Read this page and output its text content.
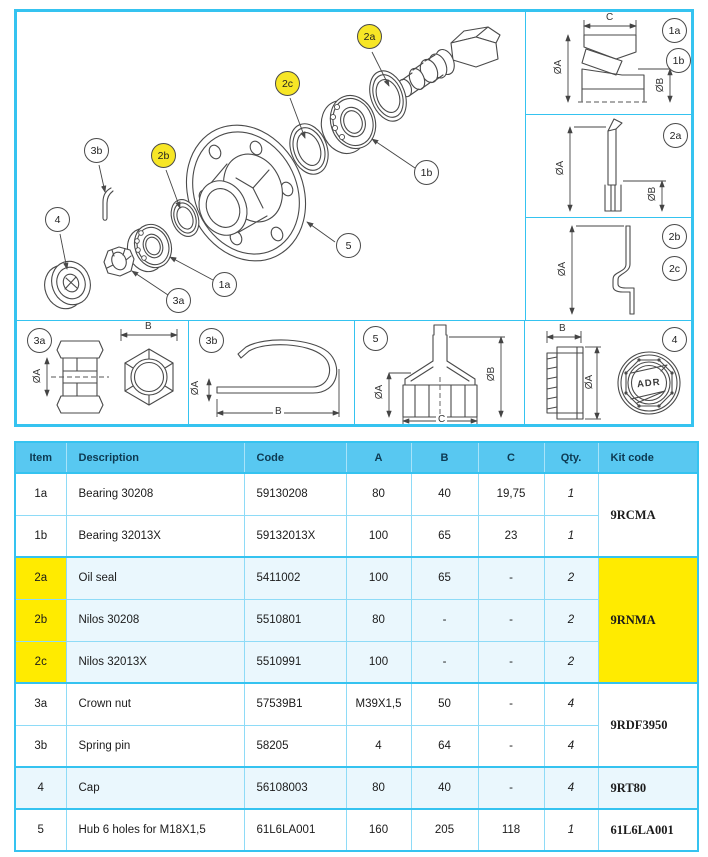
2a
2c
2b
3b
4
1b
5
1a
3a
C
ØA
ØB
1a
1b
ØA
ØB
2a
ØA
2b
2c
B
ØA
3a
ØA
B
3b
ØA
ØB
C
5
B
ØA	ADR
4
Item	Description	Code	A	B	C	Qty.	Kit code
1a	Bearing 30208	59130208	80	40	19,75	1	9RCMA
1b	Bearing 32013X	59132013X	100	65	23	1	
2a	Oil seal	5411002	100	65	-	2	9RNMA
2b	Nilos 30208	5510801	80	-	-	2	
2c	Nilos 32013X	5510991	100	-	-	2	
3a	Crown nut	57539B1	M39X1,5	50	-	4	9RDF3950
3b	Spring pin	58205	4	64	-	4	
4	Cap	56108003	80	40	-	4	9RT80
5	Hub 6 holes for M18X1,5	61L6LA001	160	205	118	1	61L6LA001
